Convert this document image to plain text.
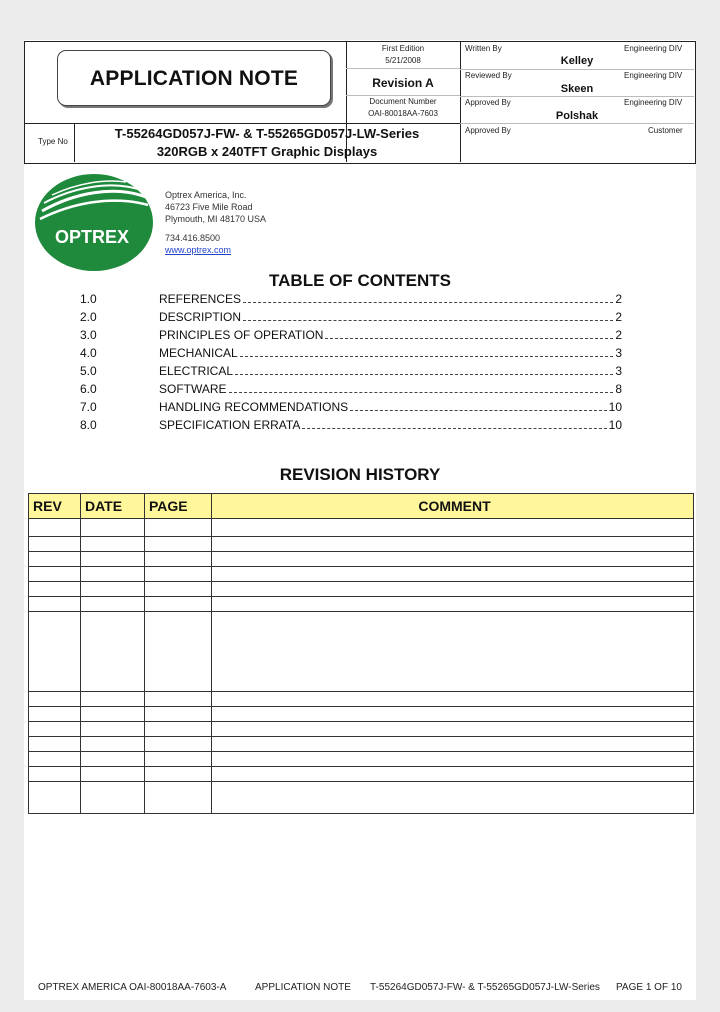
APPLICATION NOTE
First Edition
5/21/2008
Revision A
Document Number
OAI-80018AA-7603
Type No
T-55264GD057J-FW- & T-55265GD057J-LW-Series
320RGB x 240TFT Graphic Displays
Written By
Kelley
Engineering DIV
Reviewed By
Skeen
Engineering DIV
Approved By
Polshak
Engineering DIV
Approved By	Customer
OPTREX
Optrex America, Inc.
46723 Five Mile Road
Plymouth, MI 48170 USA
734.416.8500
www.optrex.com
TABLE OF CONTENTS
1.0	REFERENCES	2
2.0	DESCRIPTION	2
3.0	PRINCIPLES OF OPERATION	2
4.0	MECHANICAL	3
5.0	ELECTRICAL	3
6.0	SOFTWARE	8
7.0	HANDLING RECOMMENDATIONS	10
8.0	SPECIFICATION ERRATA	10
REVISION HISTORY
REV	DATE	PAGE	COMMENT

OPTREX AMERICA OAI-80018AA-7603-A	APPLICATION NOTE T-55264GD057J-FW- & T-55265GD057J-LW-Series PAGE 1 OF 10
